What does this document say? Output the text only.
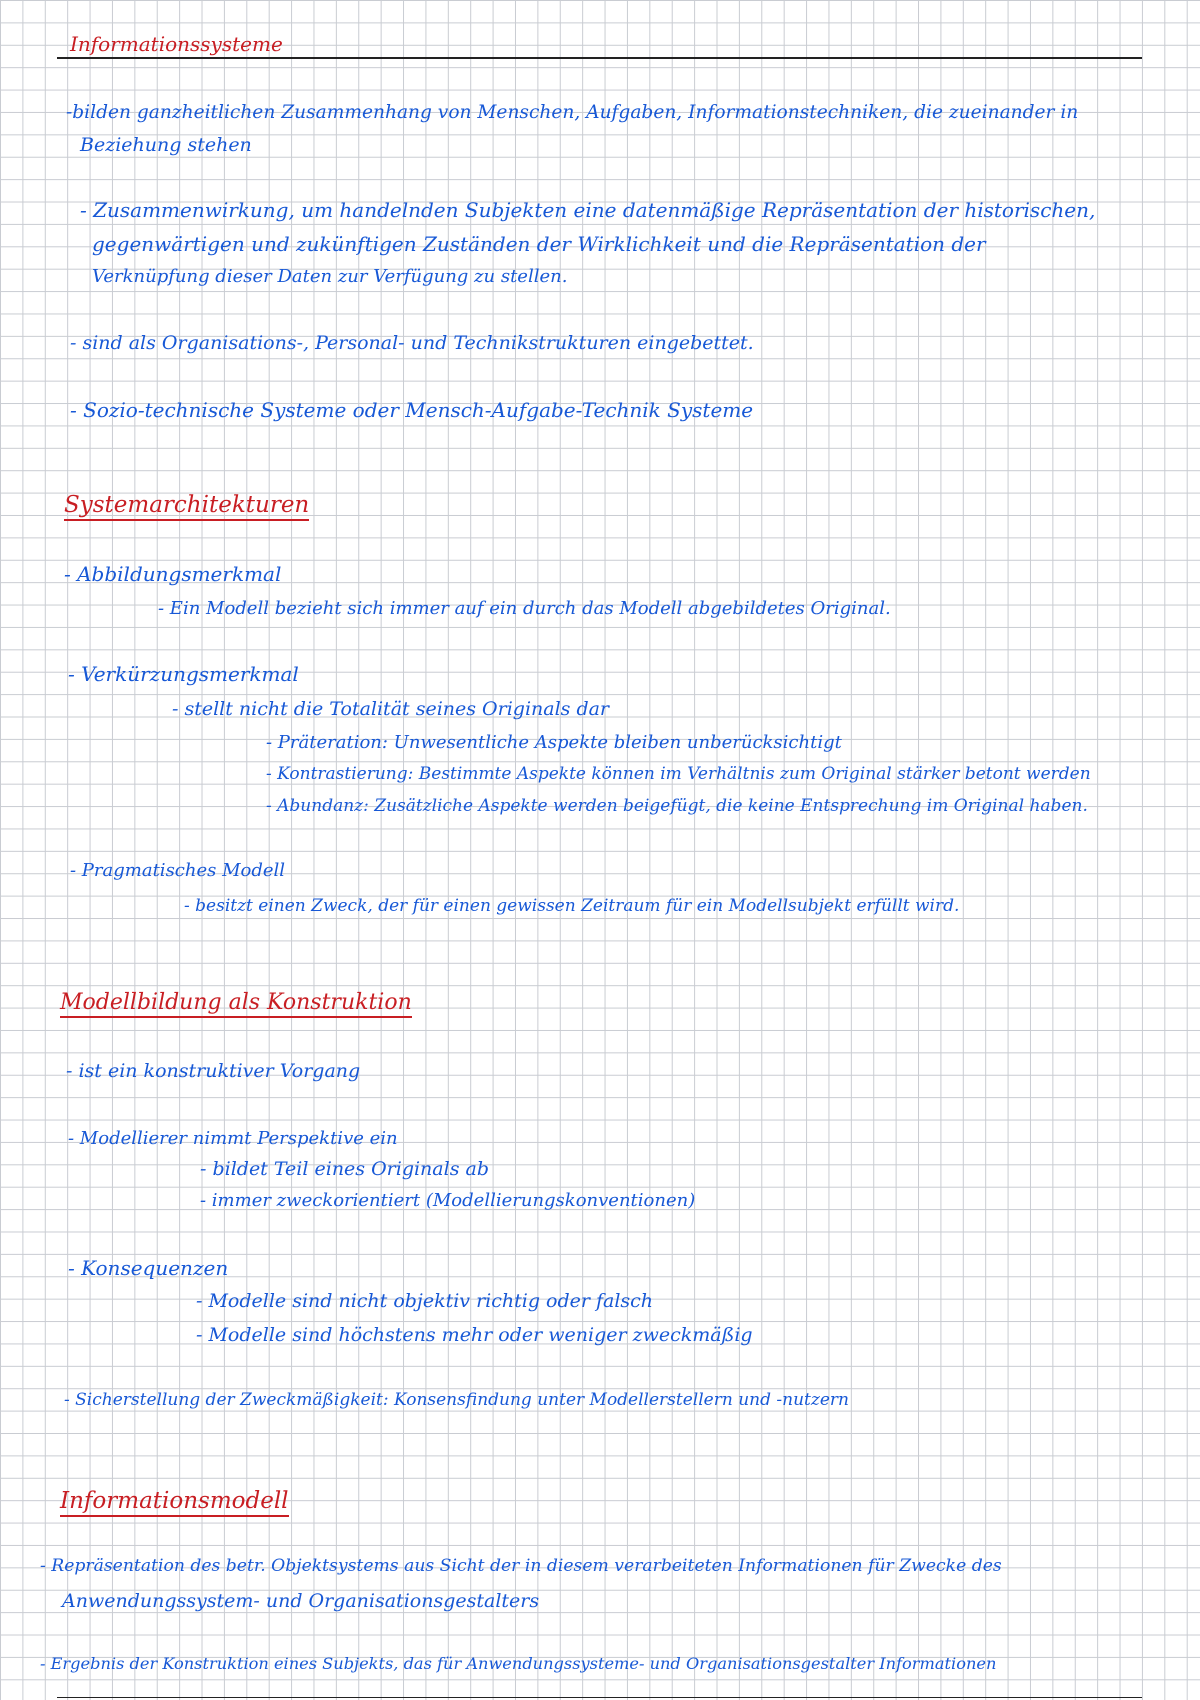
Informationssysteme
-bilden ganzheitlichen Zusammenhang von Menschen, Aufgaben, Informationstechniken, die zueinander in
Beziehung stehen
- Zusammenwirkung, um handelnden Subjekten eine datenmäßige Repräsentation der historischen,
gegenwärtigen und zukünftigen Zuständen der Wirklichkeit und die Repräsentation der
Verknüpfung dieser Daten zur Verfügung zu stellen.
- sind als Organisations-, Personal- und Technikstrukturen eingebettet.
- Sozio-technische Systeme oder Mensch-Aufgabe-Technik Systeme
Systemarchitekturen
- Abbildungsmerkmal
- Ein Modell bezieht sich immer auf ein durch das Modell abgebildetes Original.
- Verkürzungsmerkmal
- stellt nicht die Totalität seines Originals dar
- Präteration: Unwesentliche Aspekte bleiben unberücksichtigt
- Kontrastierung: Bestimmte Aspekte können im Verhältnis zum Original stärker betont werden
- Abundanz: Zusätzliche Aspekte werden beigefügt, die keine Entsprechung im Original haben.
- Pragmatisches Modell
- besitzt einen Zweck, der für einen gewissen Zeitraum für ein Modellsubjekt erfüllt wird.
Modellbildung als Konstruktion
- ist ein konstruktiver Vorgang
- Modellierer nimmt Perspektive ein
- bildet Teil eines Originals ab
- immer zweckorientiert (Modellierungskonventionen)
- Konsequenzen
- Modelle sind nicht objektiv richtig oder falsch
- Modelle sind höchstens mehr oder weniger zweckmäßig
- Sicherstellung der Zweckmäßigkeit: Konsensfindung unter Modellerstellern und -nutzern
Informationsmodell
- Repräsentation des betr. Objektsystems aus Sicht der in diesem verarbeiteten Informationen für Zwecke des
Anwendungssystem- und Organisationsgestalters
- Ergebnis der Konstruktion eines Subjekts, das für Anwendungssysteme- und Organisationsgestalter Informationen
